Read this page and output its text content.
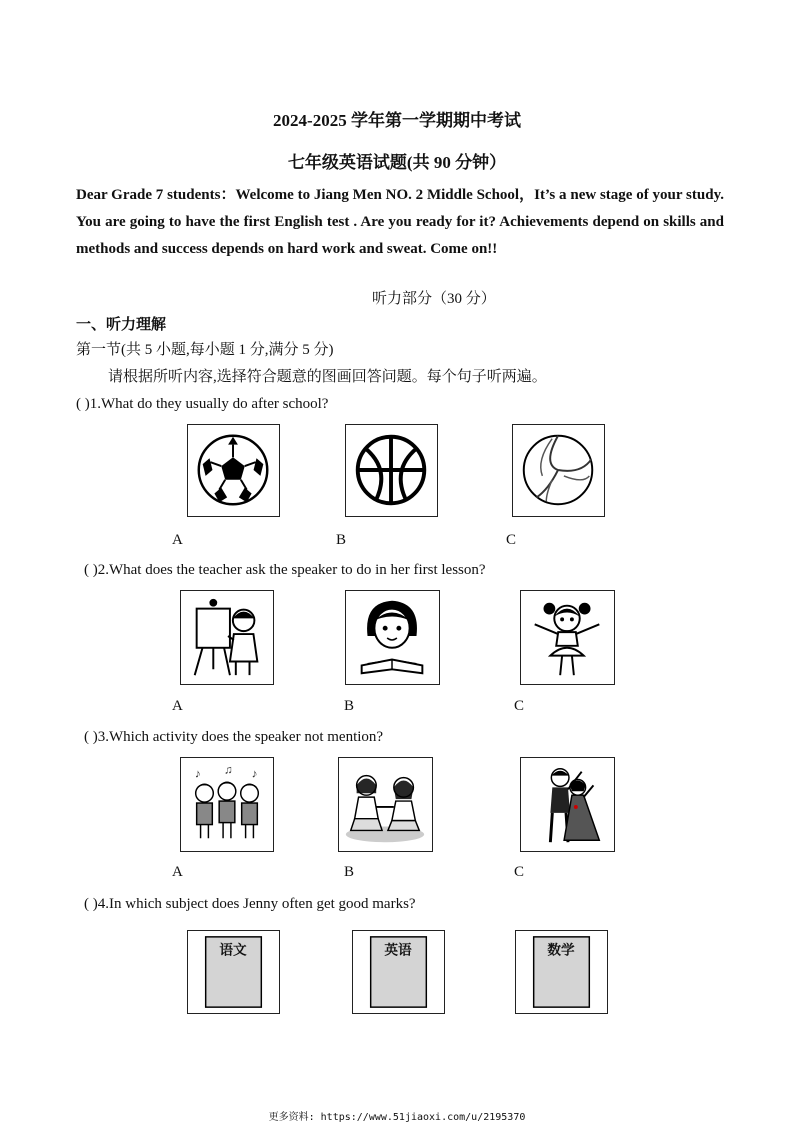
2024-2025 学年第一学期期中考试
七年级英语试题(共 90 分钟）
Dear Grade 7 students：Welcome to Jiang Men NO. 2 Middle School，It’s a new stage of your study. You are going to have the first English test . Are you ready for it? Achievements depend on skills and methods and success depends on hard work and sweat. Come on!!
听力部分（30 分）
一、听力理解
第一节(共 5 小题,每小题 1 分,满分 5 分)
请根据所听内容,选择符合题意的图画回答问题。每个句子听两遍。
( )1.What do they usually do after school?
A	B	C
( )2.What does the teacher ask the speaker to do in her first lesson?
A	B	C
( )3.Which activity does the speaker not mention?
♪ ♫ ♪
A	B	C
( )4.In which subject does Jenny often get good marks?
语文	英语	数学
更多资料: https://www.51jiaoxi.com/u/2195370
